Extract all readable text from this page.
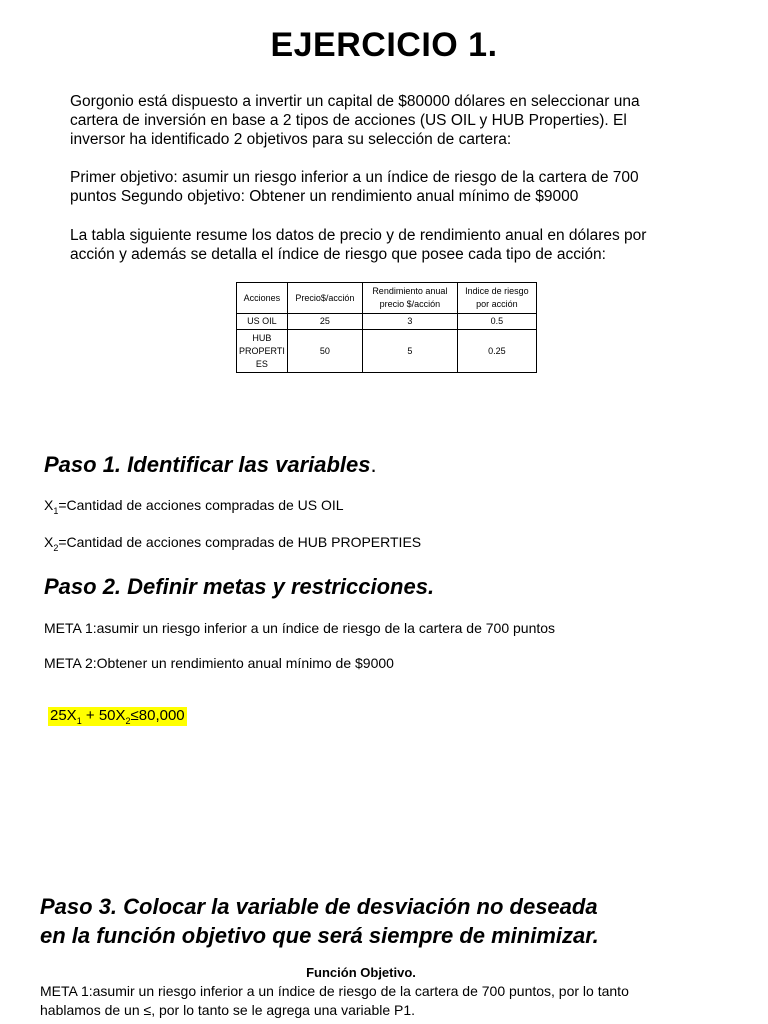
EJERCICIO 1.
Gorgonio está dispuesto a invertir un capital de $80000 dólares en seleccionar una
cartera de inversión en base a 2 tipos de acciones (US OIL y HUB Properties). El
inversor ha identificado 2 objetivos para su selección de cartera:
Primer objetivo: asumir un riesgo inferior a un índice de riesgo de la cartera de 700
puntos Segundo objetivo: Obtener un rendimiento anual mínimo de $9000
La tabla siguiente resume los datos de precio y de rendimiento anual en dólares por
acción y además se detalla el índice de riesgo que posee cada tipo de acción:
Acciones	Precio$/acción	Rendimiento anual precio $/acción	Indice de riesgo por acción
US OIL	25	3	0.5
HUB PROPERTI ES	50	5	0.25
Paso 1. Identificar las variables.
$X_1=Cantidad$ de acciones compradas de US OIL
$X_2=Cantidad$ de acciones compradas de HUB PROPERTIES
Paso 2. Definir metas y restricciones.
META 1:asumir un riesgo inferior a un índice de riesgo de la cartera de 700 puntos
META 2:Obtener un rendimiento anual mínimo de $9000
$25X_1 + 50X_2\le 80,000$
Paso 3. Colocar la variable de desviación no deseada
en la función objetivo que será siempre de minimizar.
Función Objetivo.
META 1:asumir un riesgo inferior a un índice de riesgo de la cartera de 700 puntos, por lo tanto
hablamos de un ≤, por lo tanto se le agrega una variable P1.
